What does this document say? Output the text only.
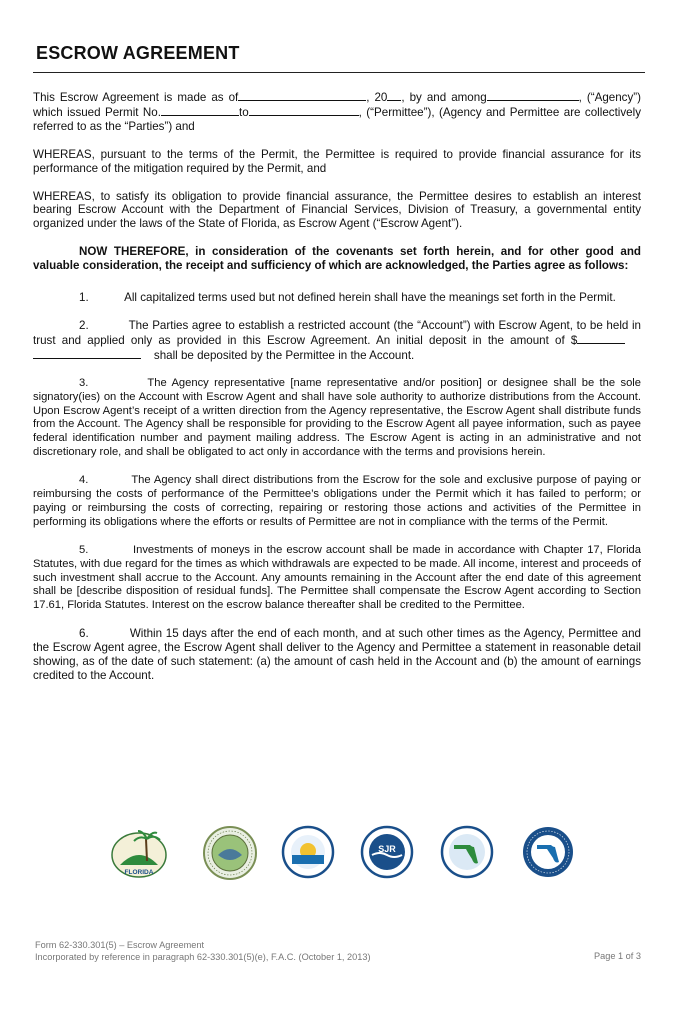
ESCROW AGREEMENT

This Escrow Agreement is made as of	, 20 , by and among	, (“Agency”) which issued Permit No.	to	, (“Permittee”), (Agency and Permittee are collectively referred to as the “Parties”) and

WHEREAS, pursuant to the terms of the Permit, the Permittee is required to provide financial assurance for its performance of the mitigation required by the Permit, and

WHEREAS, to satisfy its obligation to provide financial assurance, the Permittee desires to establish an interest bearing Escrow Account with the Department of Financial Services, Division of Treasury, a governmental entity organized under the laws of the State of Florida, as Escrow Agent (“Escrow Agent”).

NOW THEREFORE, in consideration of the covenants set forth herein, and for other good and valuable consideration, the receipt and sufficiency of which are acknowledged, the Parties agree as follows:

1.	All capitalized terms used but not defined herein shall have the meanings set forth in the Permit.

2.	The Parties agree to establish a restricted account (the “Account”) with Escrow Agent, to be held in trust and applied only as provided in this Escrow Agreement. An initial deposit in the amount of $       shall be deposited by the Permittee in the Account.

3.	The Agency representative [name representative and/or position] or designee shall be the sole signatory(ies) on the Account with Escrow Agent and shall have sole authority to authorize distributions from the Account. Upon Escrow Agent’s receipt of a written direction from the Agency representative, the Escrow Agent shall distribute funds from the Account. The Agency shall be responsible for providing to the Escrow Agent all payee information, such as payee federal identification number and payment mailing address. The Escrow Agent is acting in an administrative and not discretionary role, and shall be obligated to act only in accordance with the terms and provisions herein.

4.	The Agency shall direct distributions from the Escrow for the sole and exclusive purpose of paying or reimbursing the costs of performance of the Permittee’s obligations under the Permit which it has failed to perform; or paying or reimbursing the costs of correcting, repairing or restoring those actions and activities of the Permittee in performing its obligations where the efforts or results of Permittee are not in compliance with the terms of the Permit.

5.	Investments of moneys in the escrow account shall be made in accordance with Chapter 17, Florida Statutes, with due regard for the times as which withdrawals are expected to be made. All income, interest and proceeds of such investment shall accrue to the Account. Any amounts remaining in the Account after the end date of this agreement shall be [describe disposition of residual funds]. The Permittee shall compensate the Escrow Agent according to Section 17.61, Florida Statutes. Interest on the escrow balance thereafter shall be credited to the Permittee.

6.	Within 15 days after the end of each month, and at such other times as the Agency, Permittee and the Escrow Agent agree, the Escrow Agent shall deliver to the Agency and Permittee a statement in reasonable detail showing, as of the date of such statement: (a) the amount of cash held in the Account and (b) the amount of earnings credited to the Account.

FLORIDA
SJR
Form 62-330.301(5) – Escrow Agreement
Incorporated by reference in paragraph 62-330.301(5)(e), F.A.C. (October 1, 2013)	Page 1 of 3
